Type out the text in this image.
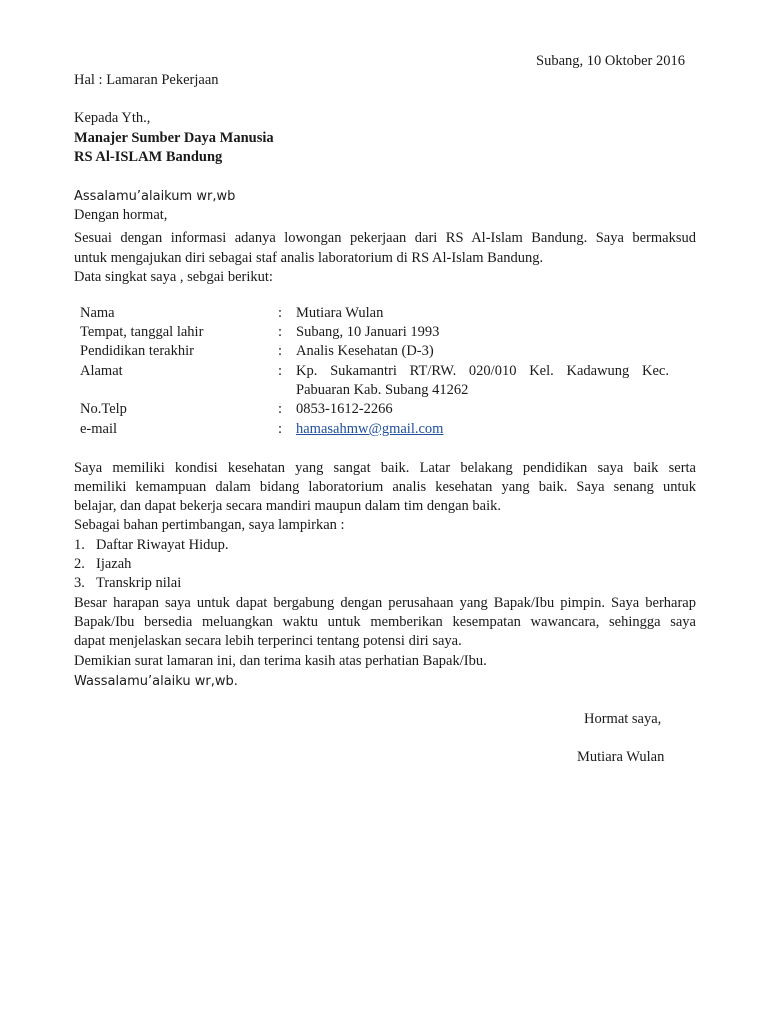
Subang, 10 Oktober 2016
Hal : Lamaran Pekerjaan
Kepada Yth.,
Manajer Sumber Daya Manusia
RS Al-ISLAM Bandung
Assalamu’alaikum wr,wb
Dengan hormat,
Sesuai dengan informasi adanya lowongan pekerjaan dari RS Al-Islam Bandung. Saya bermaksud
untuk mengajukan diri sebagai staf analis laboratorium di RS Al-Islam Bandung.
Data singkat saya , sebgai berikut:
Nama	: Mutiara Wulan
Tempat, tanggal lahir	: Subang, 10 Januari 1993
Pendidikan terakhir	: Analis Kesehatan (D-3)
Alamat	: Kp. Sukamantri RT/RW. 020/010 Kel. Kadawung Kec.
Pabuaran Kab. Subang 41262
No.Telp	: 0853-1612-2266
e-mail	: hamasahmw@gmail.com
Saya memiliki kondisi kesehatan yang sangat baik. Latar belakang pendidikan saya baik serta
memiliki kemampuan dalam bidang laboratorium analis kesehatan yang baik. Saya senang untuk
belajar, dan dapat bekerja secara mandiri maupun dalam tim dengan baik.
Sebagai bahan pertimbangan, saya lampirkan :
1. Daftar Riwayat Hidup.
2. Ijazah
3. Transkrip nilai
Besar harapan saya untuk dapat bergabung dengan perusahaan yang Bapak/Ibu pimpin. Saya berharap
Bapak/Ibu bersedia meluangkan waktu untuk memberikan kesempatan wawancara, sehingga saya
dapat menjelaskan secara lebih terperinci tentang potensi diri saya.
Demikian surat lamaran ini, dan terima kasih atas perhatian Bapak/Ibu.
Wassalamu’alaiku wr,wb.
Hormat saya,
Mutiara Wulan
